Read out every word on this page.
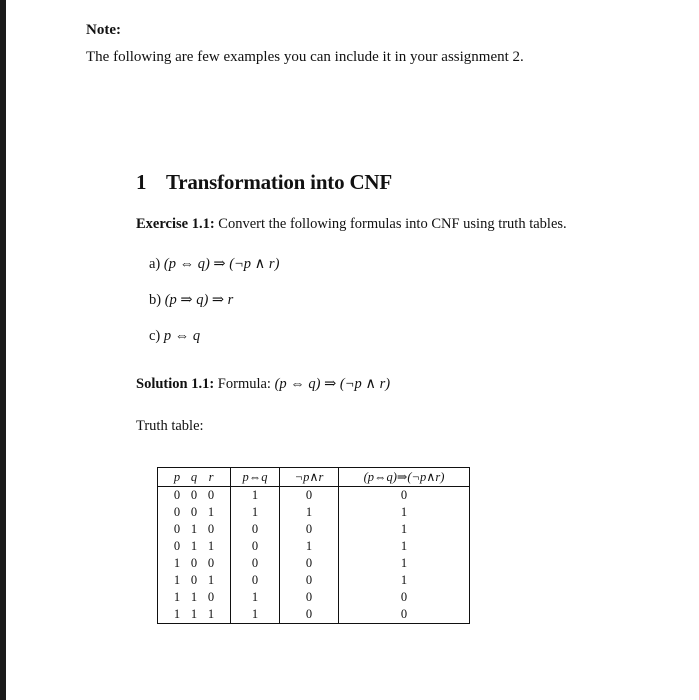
Note:
The following are few examples you can include it in your assignment 2.
1 Transformation into CNF
Exercise 1.1: Convert the following formulas into CNF using truth tables.
a) (p ⇔ q) ⇒ (¬p ∧ r)
b) (p ⇒ q) ⇒ r
c) p ⇔ q
Solution 1.1: Formula: (p ⇔ q) ⇒ (¬p ∧ r)
Truth table:
p q r	p⇔q	¬p∧r	(p⇔q)⇒(¬p∧r)
0 0 0	1	0	0
0 0 1	1	1	1
0 1 0	0	0	1
0 1 1	0	1	1
1 0 0	0	0	1
1 0 1	0	0	1
1 1 0	1	0	0
1 1 1	1	0	0
